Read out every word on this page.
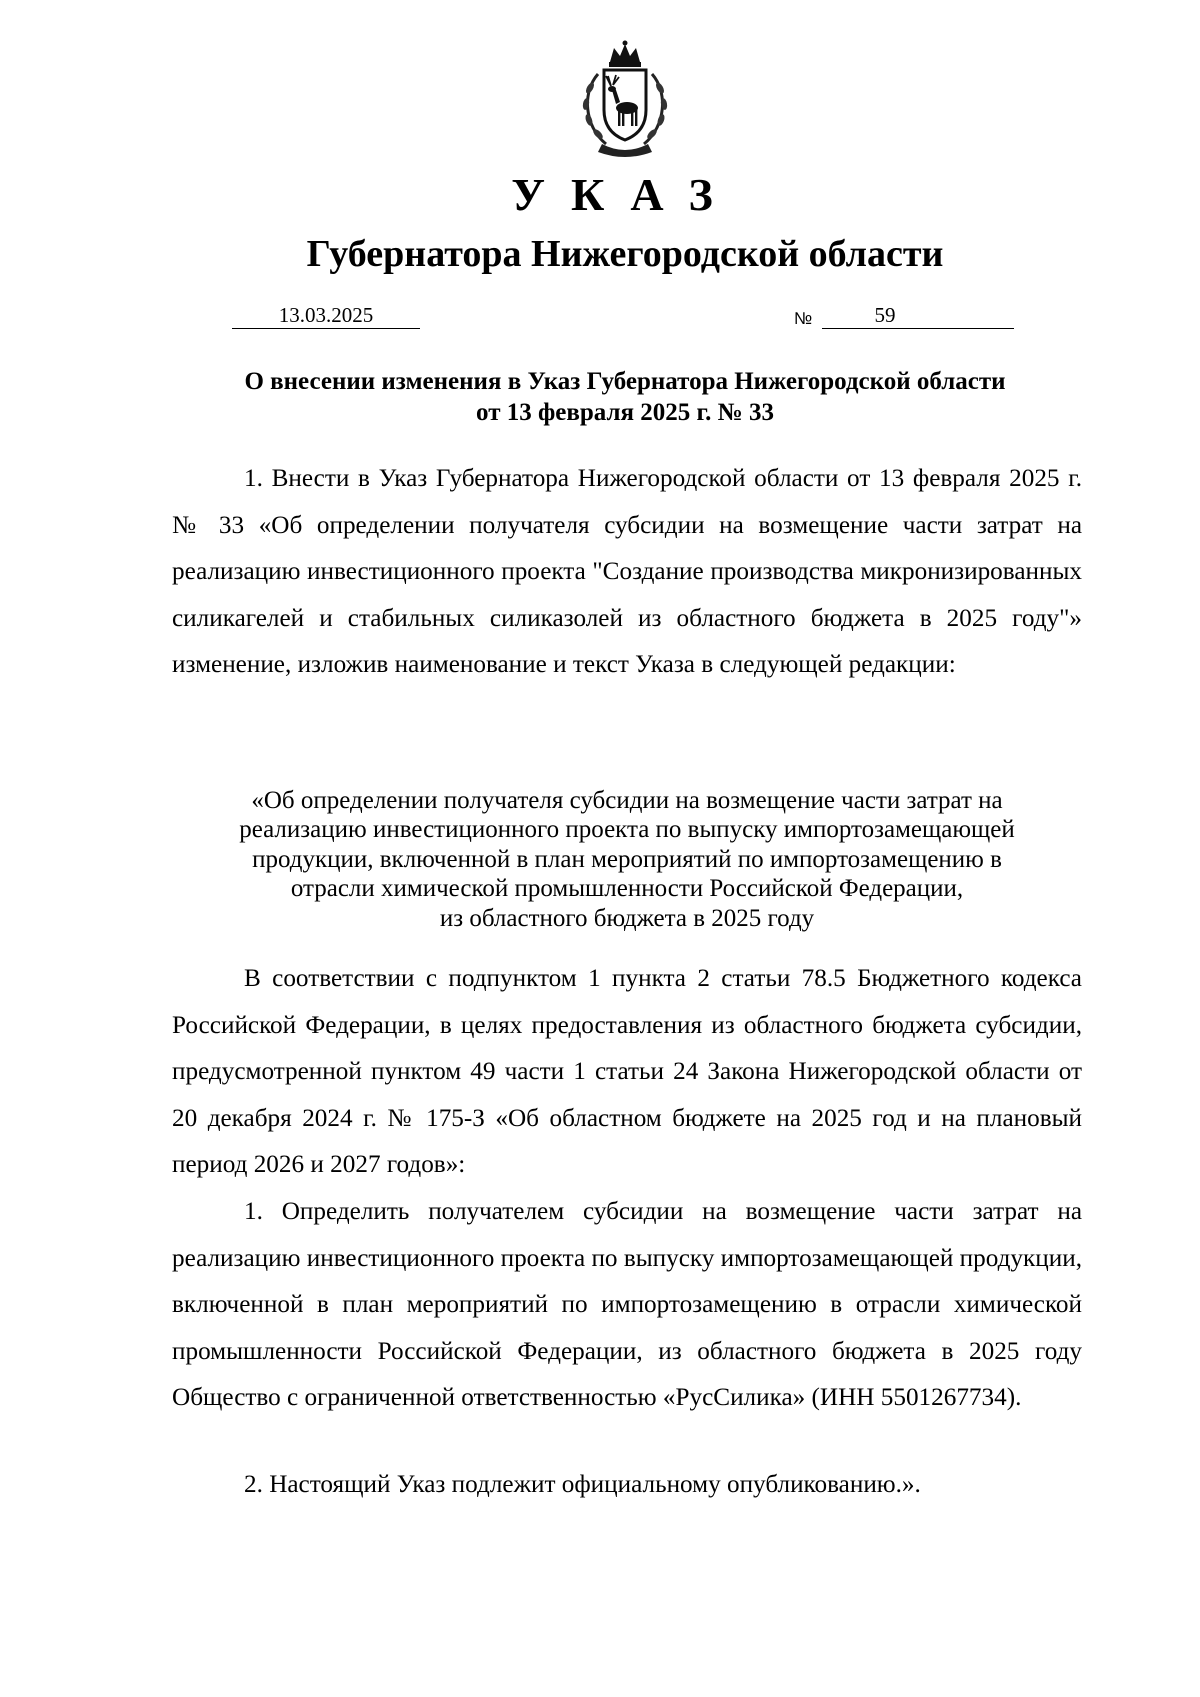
УКАЗ
Губернатора Нижегородской области
13.03.2025	№	59

О внесении изменения в Указ Губернатора Нижегородской области от 13 февраля 2025 г. № 33

1. Внести в Указ Губернатора Нижегородской области от 13 февраля 2025 г. № 33 «Об определении получателя субсидии на возмещение части затрат на реализацию инвестиционного проекта "Создание производства микронизированных силикагелей и стабильных силиказолей из областного бюджета в 2025 году"» изменение, изложив наименование и текст Указа в следующей редакции:

«Об определении получателя субсидии на возмещение части затрат на
реализацию инвестиционного проекта по выпуску импортозамещающей
продукции, включенной в план мероприятий по импортозамещению в
отрасли химической промышленности Российской Федерации,
из областного бюджета в 2025 году

В соответствии с подпунктом 1 пункта 2 статьи 78.5 Бюджетного кодекса Российской Федерации, в целях предоставления из областного бюджета субсидии, предусмотренной пунктом 49 части 1 статьи 24 Закона Нижегородской области от 20 декабря 2024 г. № 175-З «Об областном бюджете на 2025 год и на плановый период 2026 и 2027 годов»:

1. Определить получателем субсидии на возмещение части затрат на реализацию инвестиционного проекта по выпуску импортозамещающей продукции, включенной в план мероприятий по импортозамещению в отрасли химической промышленности Российской Федерации, из областного бюджета в 2025 году Общество с ограниченной ответственностью «РусСилика» (ИНН 5501267734).

2. Настоящий Указ подлежит официальному опубликованию.».
